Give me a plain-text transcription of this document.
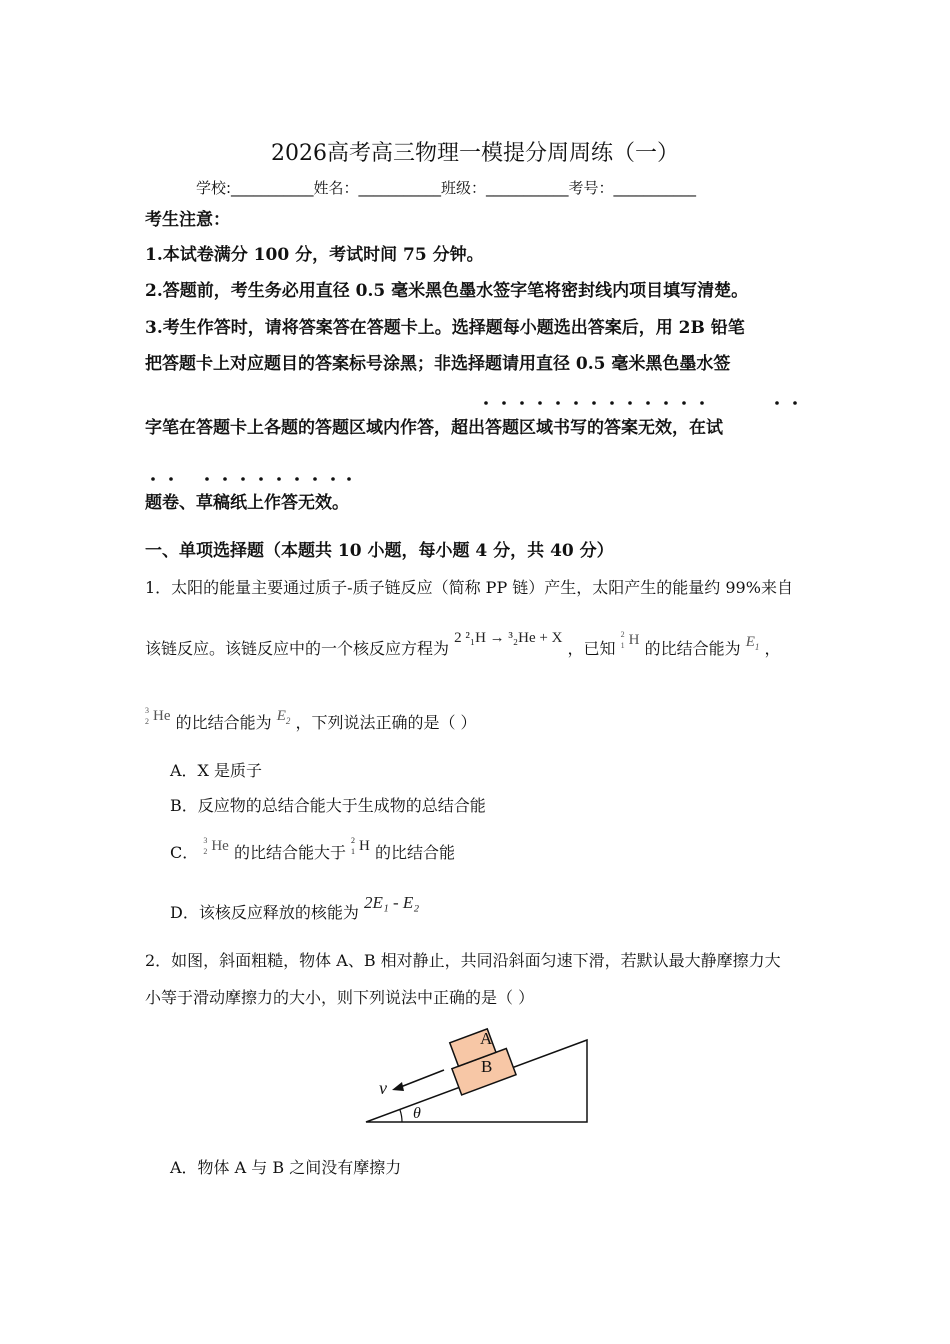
2026高考高三物理一模提分周周练（一）
学校:___________姓名：___________班级：___________考号：___________
考生注意：
1.本试卷满分 100 分，考试时间 75 分钟。
2.答题前，考生务必用直径 0.5 毫米黑色墨水签字笔将密封线内项目填写清楚。
3.考生作答时，请将答案答在答题卡上。选择题每小题选出答案后，用 2B 铅笔
把答题卡上对应题目的答案标号涂黑；非选择题请用直径 0.5 毫米黑色墨水签
字笔在答题卡上各题的答题区域内作答，超出答题区域书写的答案无效，在试
题卷、草稿纸上作答无效。
一、单项选择题（本题共 10 小题，每小题 4 分，共 40 分）
1．太阳的能量主要通过质子-质子链反应（简称 PP 链）产生，太阳产生的能量约 99%来自
该链反应。该链反应中的一个核反应方程为 2 ²₁H → ³₂He + X ，已知
2
1 H 的比结合能为 $E_1$ ，
3
2 He 的比结合能为 $E_2$ ，下列说法正确的是（ ）
A．X 是质子
B．反应物的总结合能大于生成物的总结合能
C．
3
2 He 的比结合能大于
2
1 H 的比结合能
D．该核反应释放的核能为 2E₁ - E₂
2．如图，斜面粗糙，物体 A、B 相对静止，共同沿斜面匀速下滑，若默认最大静摩擦力大
小等于滑动摩擦力的大小，则下列说法中正确的是（ ）
A
B
v
θ
A．物体 A 与 B 之间没有摩擦力
